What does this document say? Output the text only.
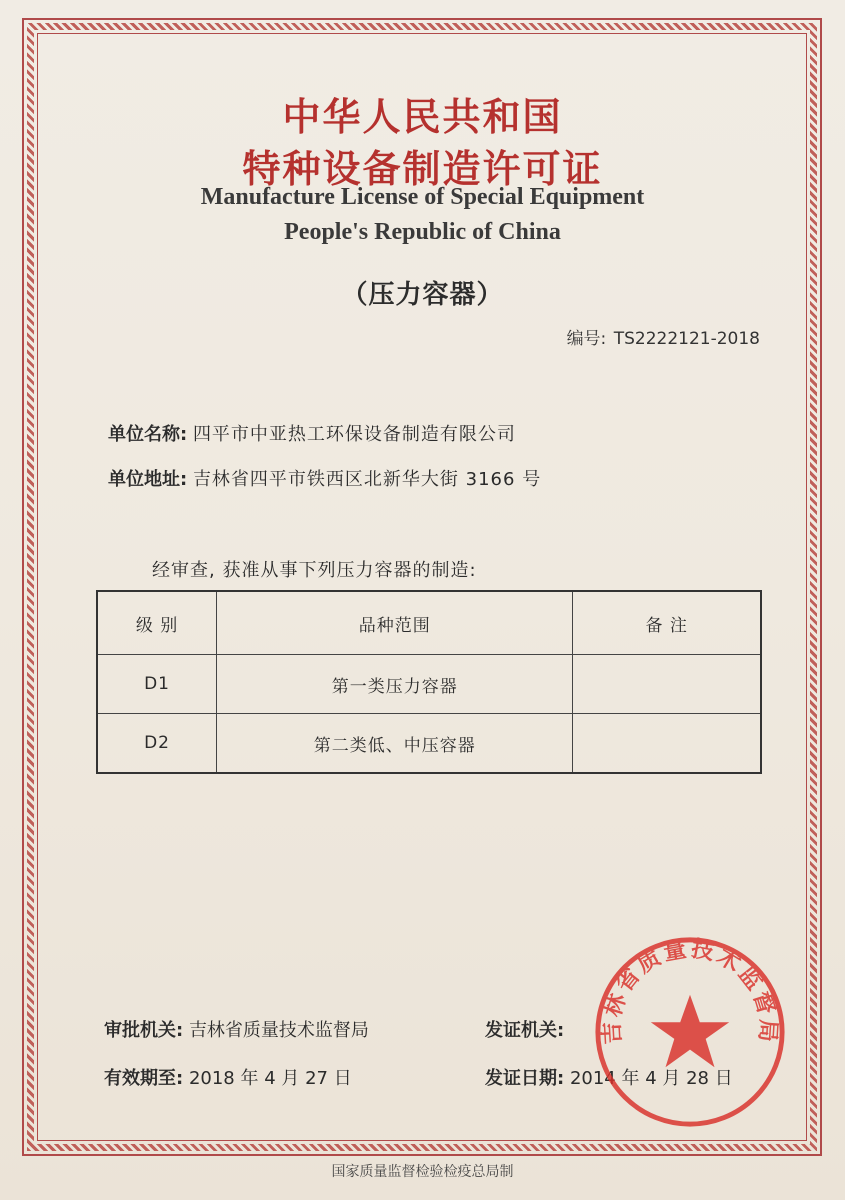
中华人民共和国
特种设备制造许可证
Manufacture License of Special Equipment
People's Republic of China
（压力容器）
编号: TS2222121-2018
单位名称: 四平市中亚热工环保设备制造有限公司
单位地址: 吉林省四平市铁西区北新华大街 3166 号
经审查, 获准从事下列压力容器的制造:
级 别	品种范围	备 注
D1	第一类压力容器	
D2	第二类低、中压容器	
审批机关: 吉林省质量技术监督局
有效期至: 2018 年 4 月 27 日
发证机关:
发证日期: 2014 年 4 月 28 日
吉林省质量技术监督局
国家质量监督检验检疫总局制
